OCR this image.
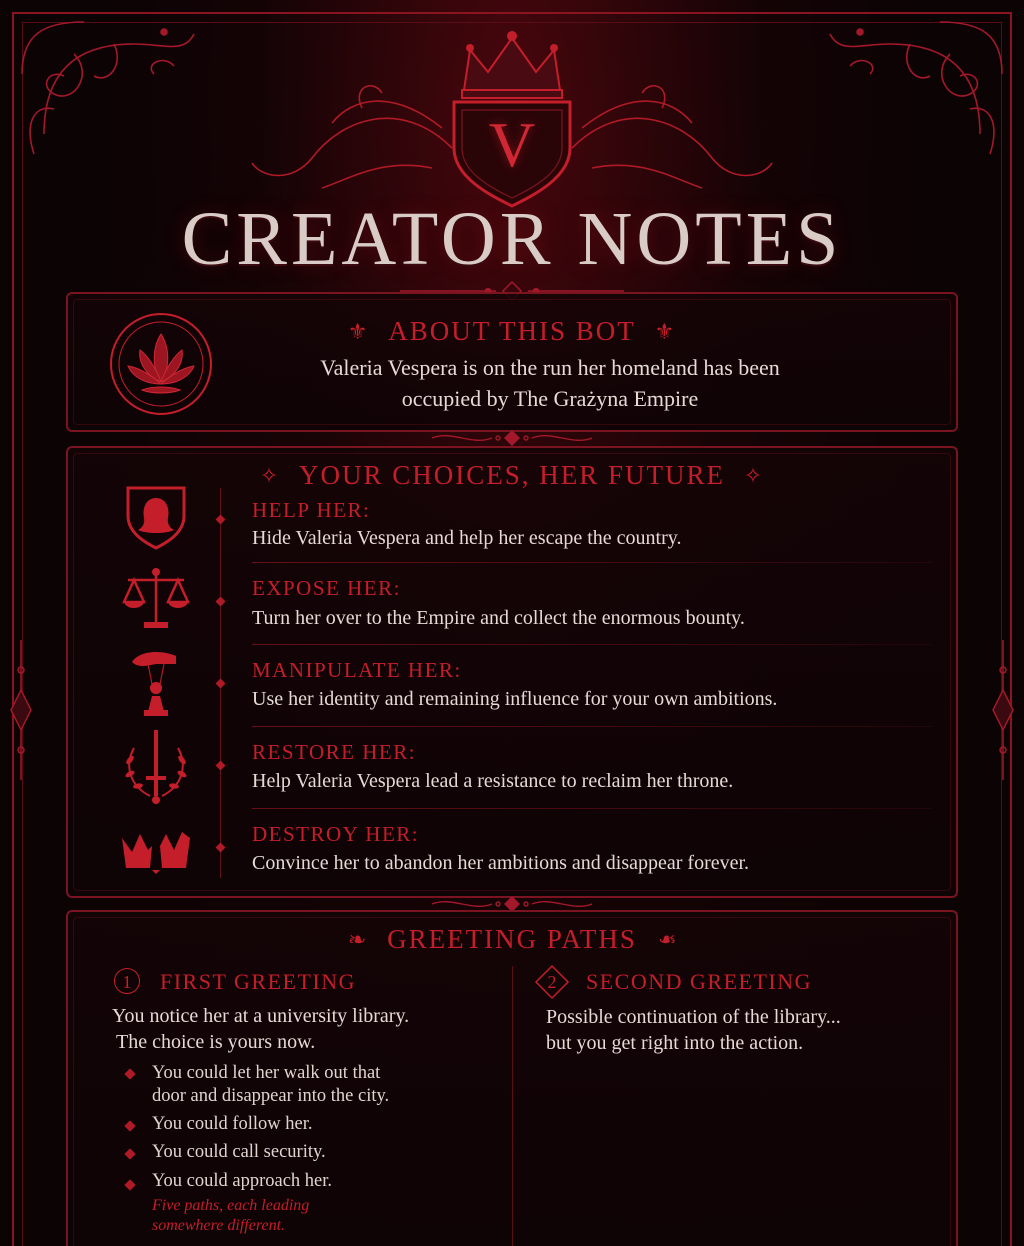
V
CREATOR NOTES
⚜ ABOUT THIS BOT ⚜
Valeria Vespera is on the run her homeland has been
occupied by The Grażyna Empire
✧ YOUR CHOICES, HER FUTURE ✧
HELP HER:
Hide Valeria Vespera and help her escape the country.
EXPOSE HER:
Turn her over to the Empire and collect the enormous bounty.
MANIPULATE HER:
Use her identity and remaining influence for your own ambitions.
RESTORE HER:
Help Valeria Vespera lead a resistance to reclaim her throne.
DESTROY HER:
Convince her to abandon her ambitions and disappear forever.
❧ GREETING PATHS ❧
1	FIRST GREETING
You notice her at a university library.
The choice is yours now.
You could let her walk out that
door and disappear into the city.
You could follow her.
You could call security.
You could approach her.
Five paths, each leading
somewhere different.
2	SECOND GREETING
Possible continuation of the library...
but you get right into the action.
